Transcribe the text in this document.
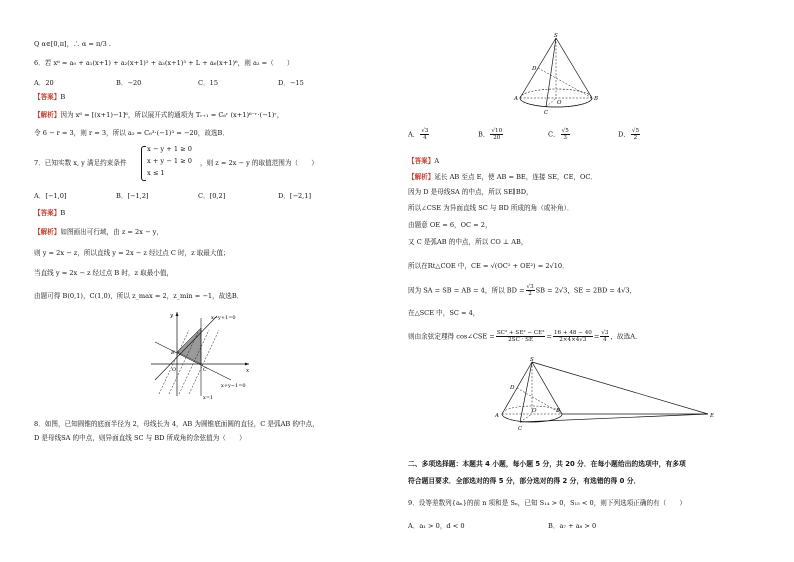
Q α∈[0,π]，∴ α = π/3 .
6．若 x⁶ = a₀ + a₁(x+1) + a₂(x+1)² + a₃(x+1)³ + L + a₆(x+1)⁶，则 a₃ =（　　）
A．20	B．−20	C．15	D．−15
【答案】B
【解析】因为 x⁶ = [(x+1)−1]⁶，所以展开式的通项为 Tᵣ₊₁ = C₆ʳ (x+1)⁶⁻ʳ·(−1)ʳ，
令 6 − r = 3，则 r = 3，所以 a₃ = C₆³·(−1)³ = −20，故选B．
7．已知实数 x, y 满足约束条件
x − y + 1 ≥ 0
x + y − 1 ≥ 0
x ≤ 1
，则 z = 2x − y 的取值范围为（　　）
A．[−1,0]	B．[−1,2]	C．[0,2]	D．[−2,1]
【答案】B
【解析】如图画出可行域，由 z = 2x − y，
则 y = 2x − z，所以直线 y = 2x − z 经过点 C 时，z 取最大值；
当直线 y = 2x − z 经过点 B 时，z 取最小值，
由题可得 B(0,1)，C(1,0)，所以 z_max = 2，z_min = −1，故选B．
x−y+1=0
x+y−1=0
x=1
x
y
O
B
C
8．如图，已知圆锥的底面半径为 2，母线长为 4，AB 为圆锥底面圆的直径，C 是弧AB 的中点，
D 是母线SA 的中点，则异面直线 SC 与 BD 所成角的余弦值为（　　）
S
D
A
O
B
C
A． $\frac{√3}{4}$	B． $\frac{√10}{20}$	C． $\frac{√5}{3}$	D． $\frac{√5}{2}$
【答案】A
【解析】延长 AB 至点 E，使 AB = BE，连接 SE，CE，OC．
因为 D 是母线SA 的中点，所以 SE∥BD，
所以∠CSE 为异面直线 SC 与 BD 所成的角（或补角）．
由题意 OE = 6，OC = 2，
又 C 是弧AB 的中点，所以 CO ⊥ AB，
所以在Rt△COE 中，CE = √(OC² + OE²) = 2√10．
因为 SA = SB = AB = 4，所以 BD = $\frac{√3}{2}$ SB = 2√3，SE = 2BD = 4√3，
在△SCE 中，SC = 4，
则由余弦定理得 cos∠CSE = $\frac{\text{SC² + SE² − CE²}}{2SC \cdot SE} = \frac{16 + 48 - 40}{2\times 4\times 4√3} = \frac{√3}{4}$ ，故选A．
S
D
A
O	B
C
E
二、多项选择题：本题共 4 小题，每小题 5 分，共 20 分．在每小题给出的选项中，有多项
符合题目要求．全部选对的得 5 分，部分选对的得 2 分，有选错的得 0 分．
9．设等差数列{aₙ}的前 n 项和是 Sₙ，已知 S₁₄ > 0，S₁₅ < 0，则下列选项正确的有（　　）
A．a₁ > 0，d < 0	B．a₇ + a₈ > 0
